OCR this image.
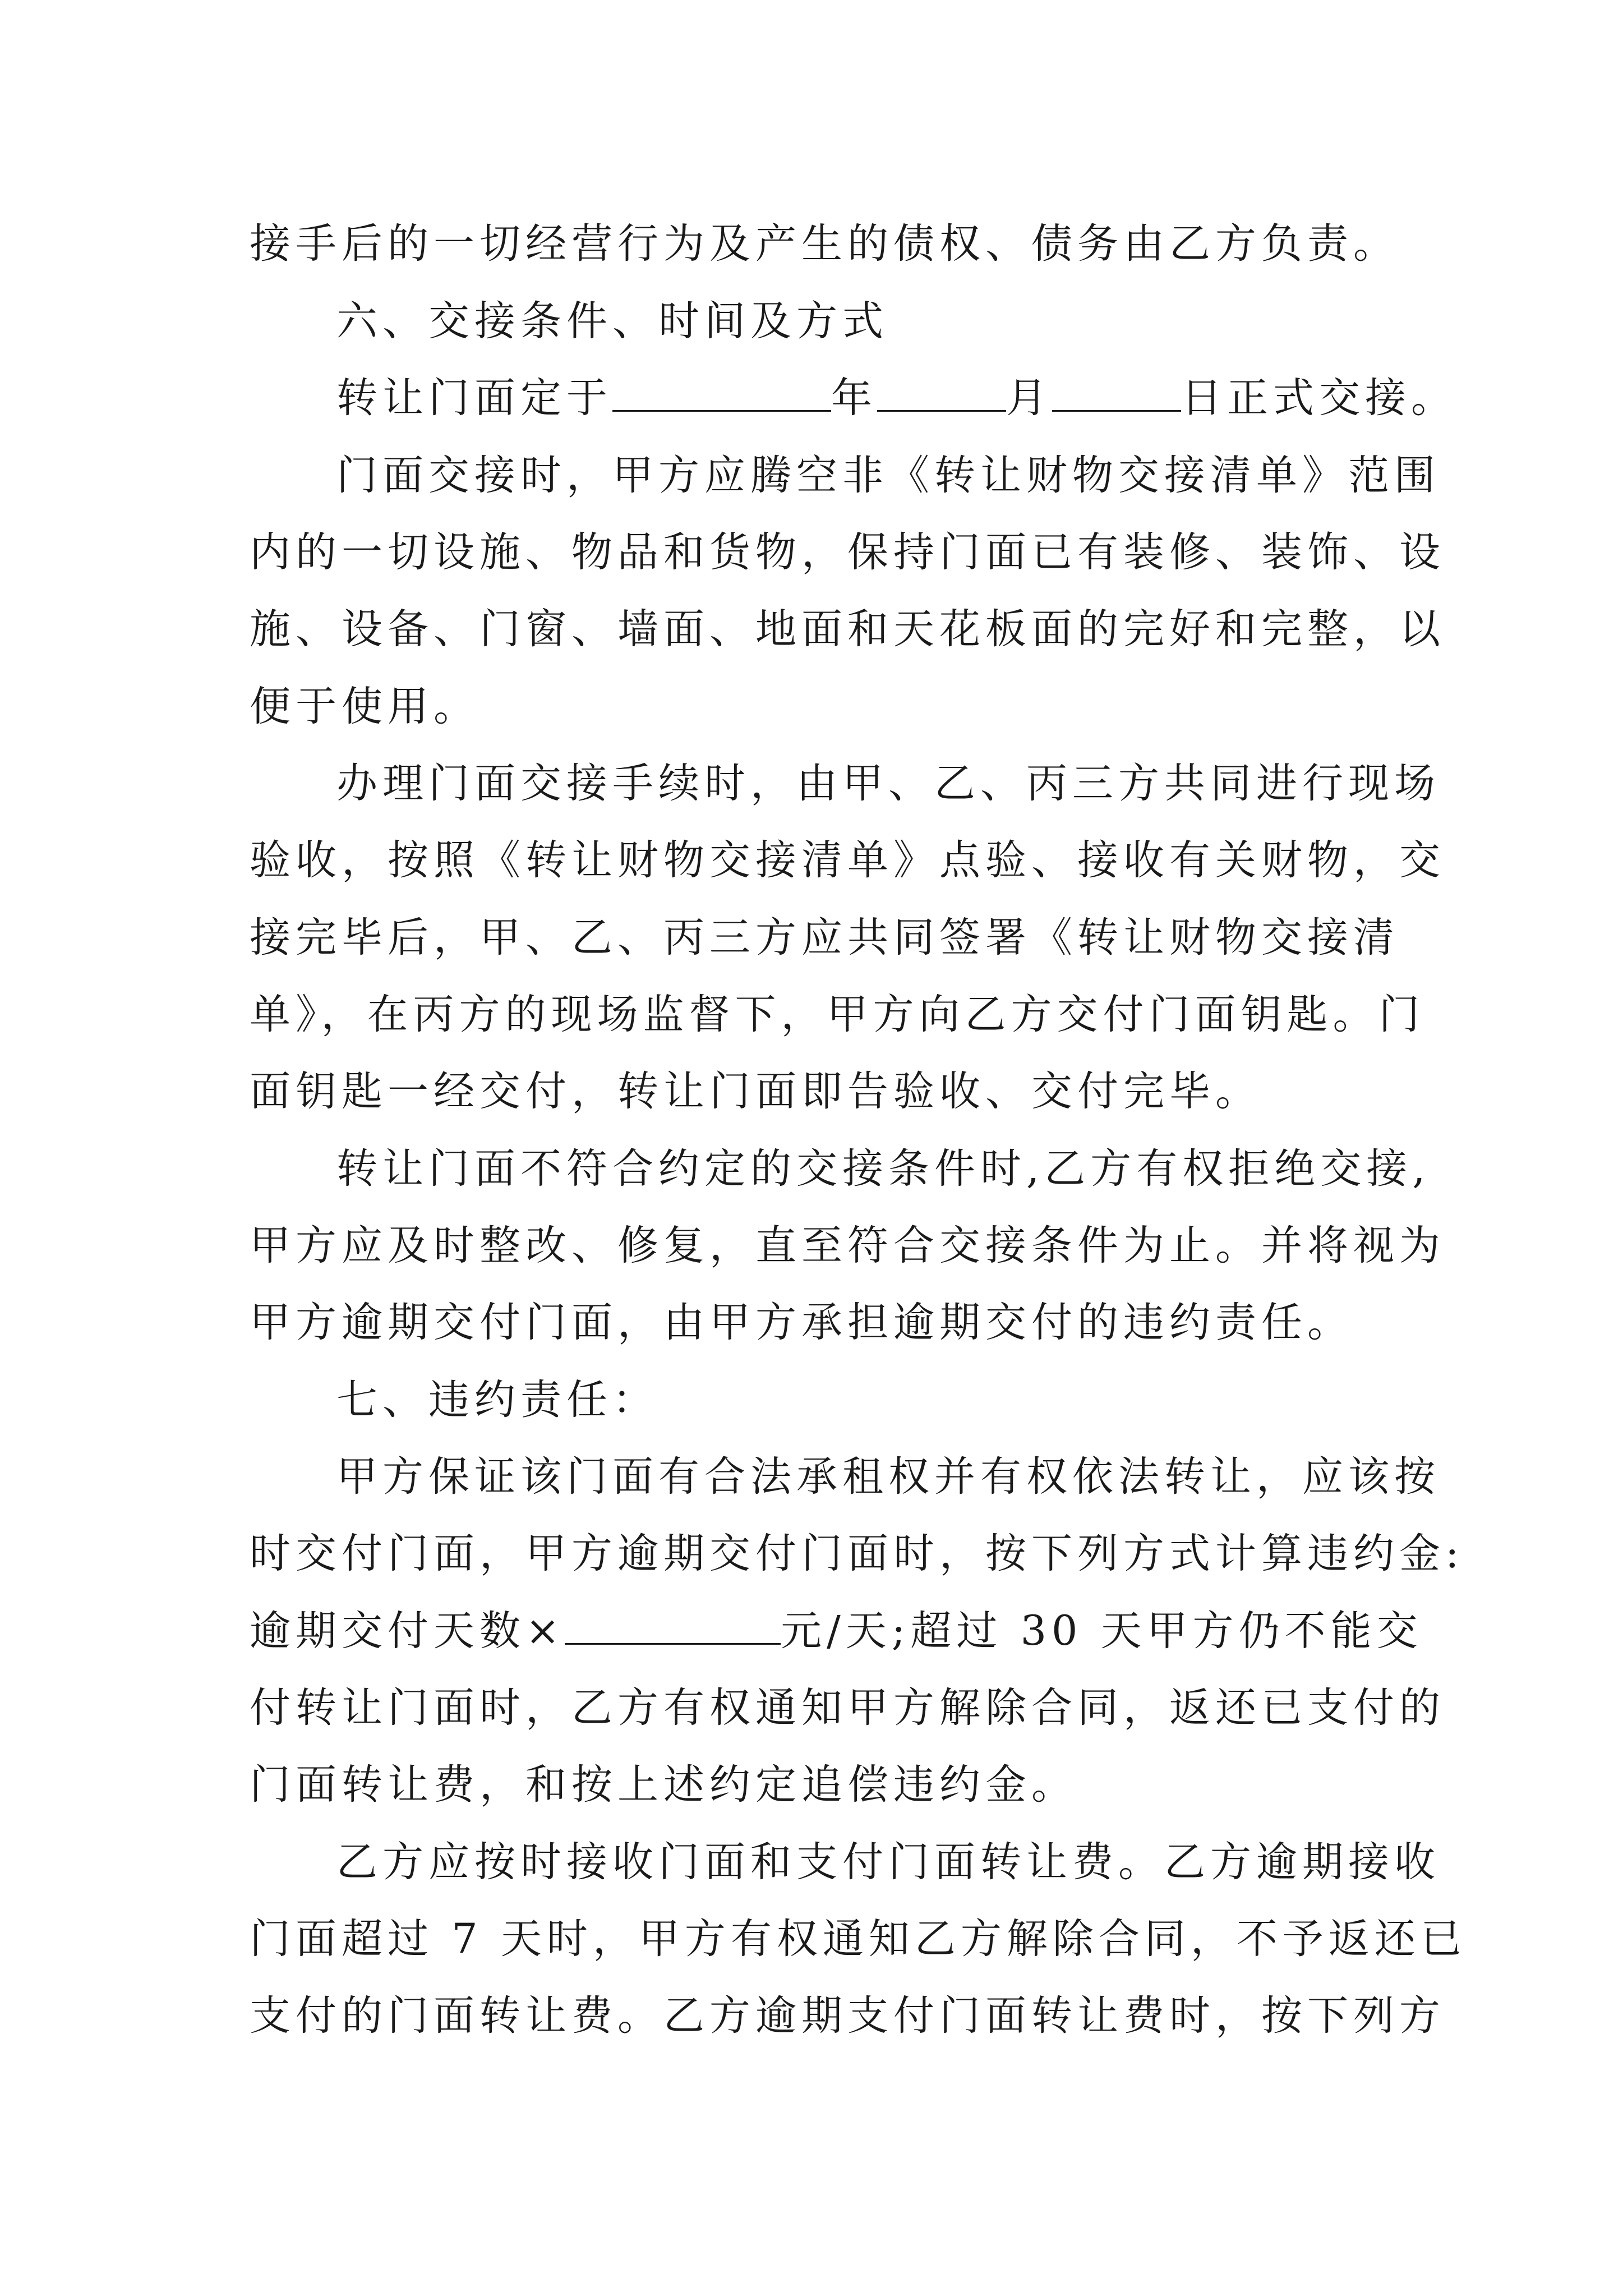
接手后的一切经营行为及产生的债权、债务由乙方负责。
六、交接条件、时间及方式
转让门面定于	年	月	日正式交接。
门面交接时，甲方应腾空非《转让财物交接清单》范围
内的一切设施、物品和货物，保持门面已有装修、装饰、设
施、设备、门窗、墙面、地面和天花板面的完好和完整，以
便于使用。
办理门面交接手续时，由甲、乙、丙三方共同进行现场
验收，按照《转让财物交接清单》点验、接收有关财物，交
接完毕后，甲、乙、丙三方应共同签署《转让财物交接清
单》，在丙方的现场监督下，甲方向乙方交付门面钥匙。门
面钥匙一经交付，转让门面即告验收、交付完毕。
转让门面不符合约定的交接条件时,乙方有权拒绝交接,
甲方应及时整改、修复，直至符合交接条件为止。并将视为
甲方逾期交付门面，由甲方承担逾期交付的违约责任。
七、违约责任：
甲方保证该门面有合法承租权并有权依法转让，应该按
时交付门面，甲方逾期交付门面时，按下列方式计算违约金:
逾期交付天数×	元/天;超过 30 天甲方仍不能交
付转让门面时，乙方有权通知甲方解除合同，返还已支付的
门面转让费，和按上述约定追偿违约金。
乙方应按时接收门面和支付门面转让费。乙方逾期接收
门面超过 7 天时，甲方有权通知乙方解除合同，不予返还已
支付的门面转让费。乙方逾期支付门面转让费时，按下列方
